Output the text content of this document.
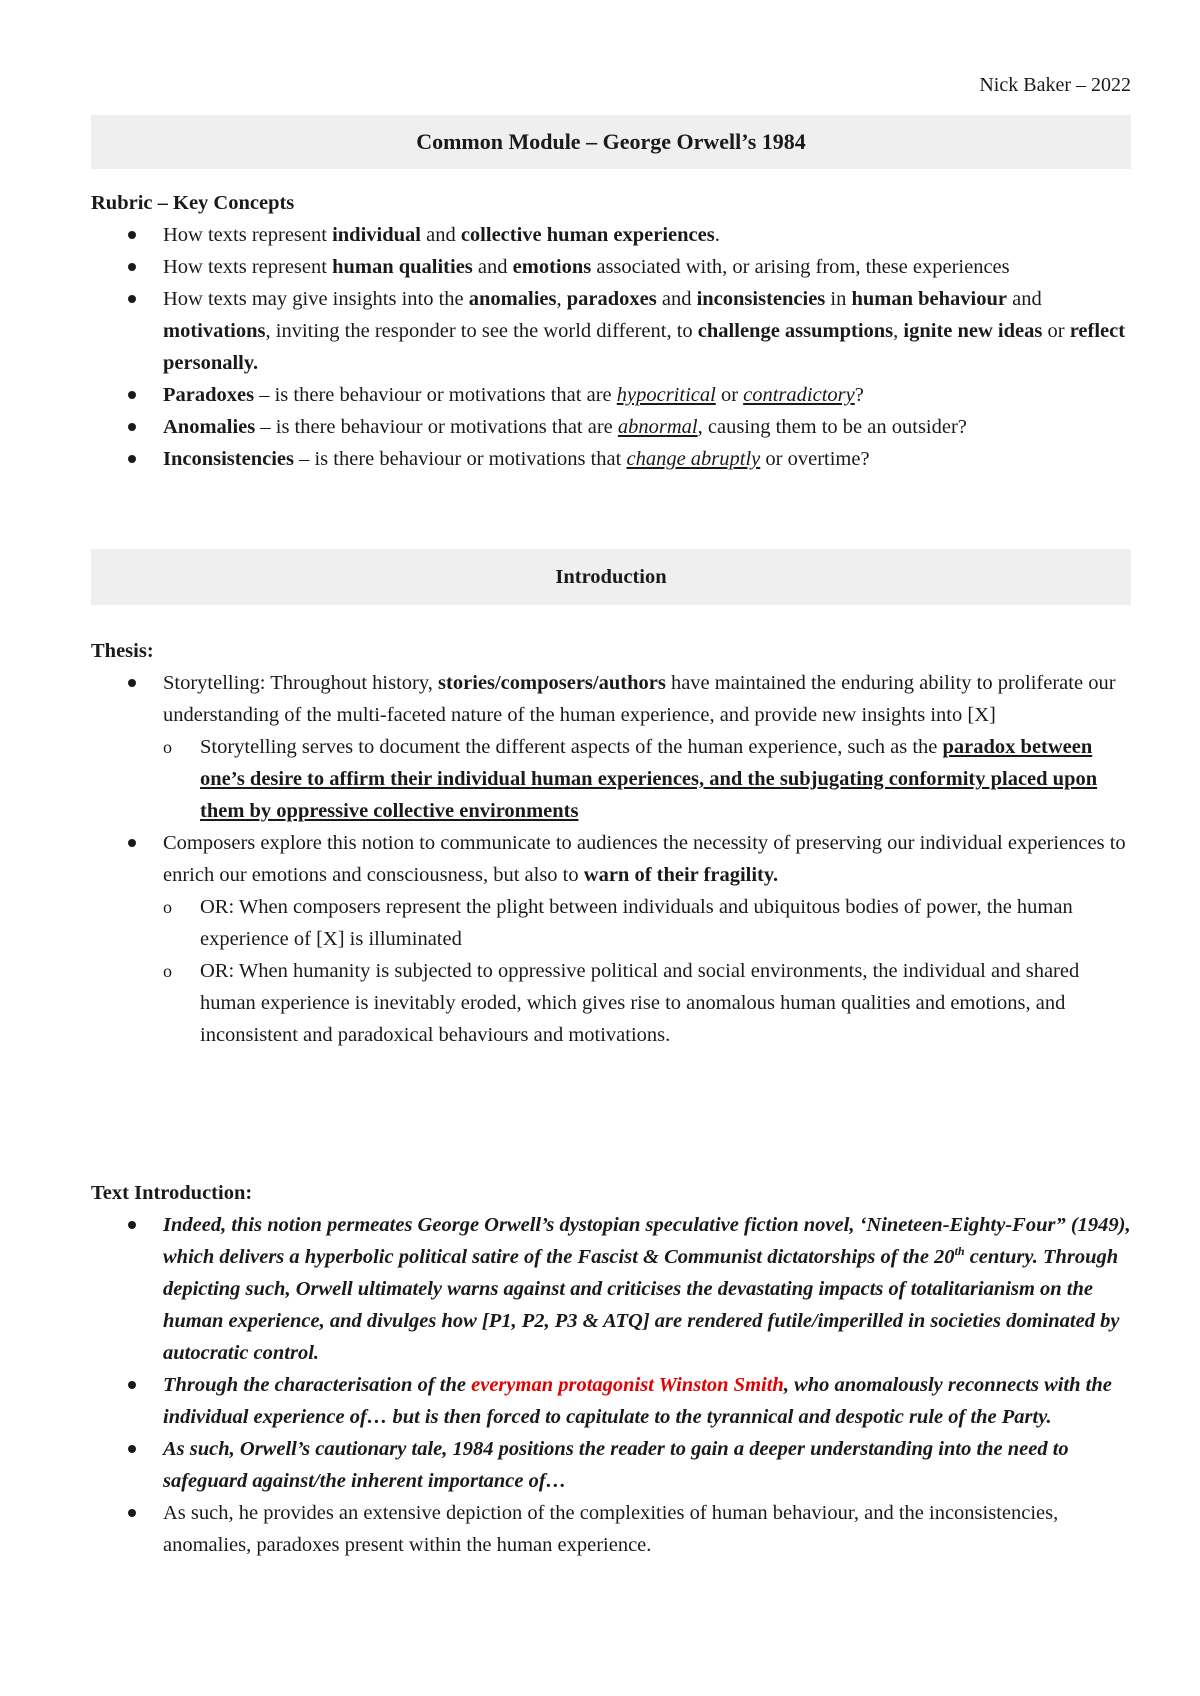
Nick Baker – 2022
Common Module – George Orwell’s 1984

Rubric – Key Concepts

How texts represent individual and collective human experiences.
How texts represent human qualities and emotions associated with, or arising from, these experiences
How texts may give insights into the anomalies, paradoxes and inconsistencies in human behaviour and motivations, inviting the responder to see the world different, to challenge assumptions, ignite new ideas or reflect personally.
Paradoxes – is there behaviour or motivations that are hypocritical or contradictory?
Anomalies – is there behaviour or motivations that are abnormal, causing them to be an outsider?
Inconsistencies – is there behaviour or motivations that change abruptly or overtime?
Introduction

Thesis:

Storytelling: Throughout history, stories/composers/authors have maintained the enduring ability to proliferate our understanding of the multi-faceted nature of the human experience, and provide new insights into [X]
o Storytelling serves to document the different aspects of the human experience, such as the paradox between one’s desire to affirm their individual human experiences, and the subjugating conformity placed upon them by oppressive collective environments
Composers explore this notion to communicate to audiences the necessity of preserving our individual experiences to enrich our emotions and consciousness, but also to warn of their fragility.
o OR: When composers represent the plight between individuals and ubiquitous bodies of power, the human experience of [X] is illuminated
o OR: When humanity is subjected to oppressive political and social environments, the individual and shared human experience is inevitably eroded, which gives rise to anomalous human qualities and emotions, and inconsistent and paradoxical behaviours and motivations.

Text Introduction:

Indeed, this notion permeates George Orwell’s dystopian speculative fiction novel, ‘Nineteen-Eighty-Four” (1949), which delivers a hyperbolic political satire of the Fascist & Communist dictatorships of the 20th century. Through depicting such, Orwell ultimately warns against and criticises the devastating impacts of totalitarianism on the human experience, and divulges how [P1, P2, P3 & ATQ] are rendered futile/imperilled in societies dominated by autocratic control.
Through the characterisation of the everyman protagonist Winston Smith, who anomalously reconnects with the individual experience of… but is then forced to capitulate to the tyrannical and despotic rule of the Party.
As such, Orwell’s cautionary tale, 1984 positions the reader to gain a deeper understanding into the need to safeguard against/the inherent importance of…
As such, he provides an extensive depiction of the complexities of human behaviour, and the inconsistencies, anomalies, paradoxes present within the human experience.
